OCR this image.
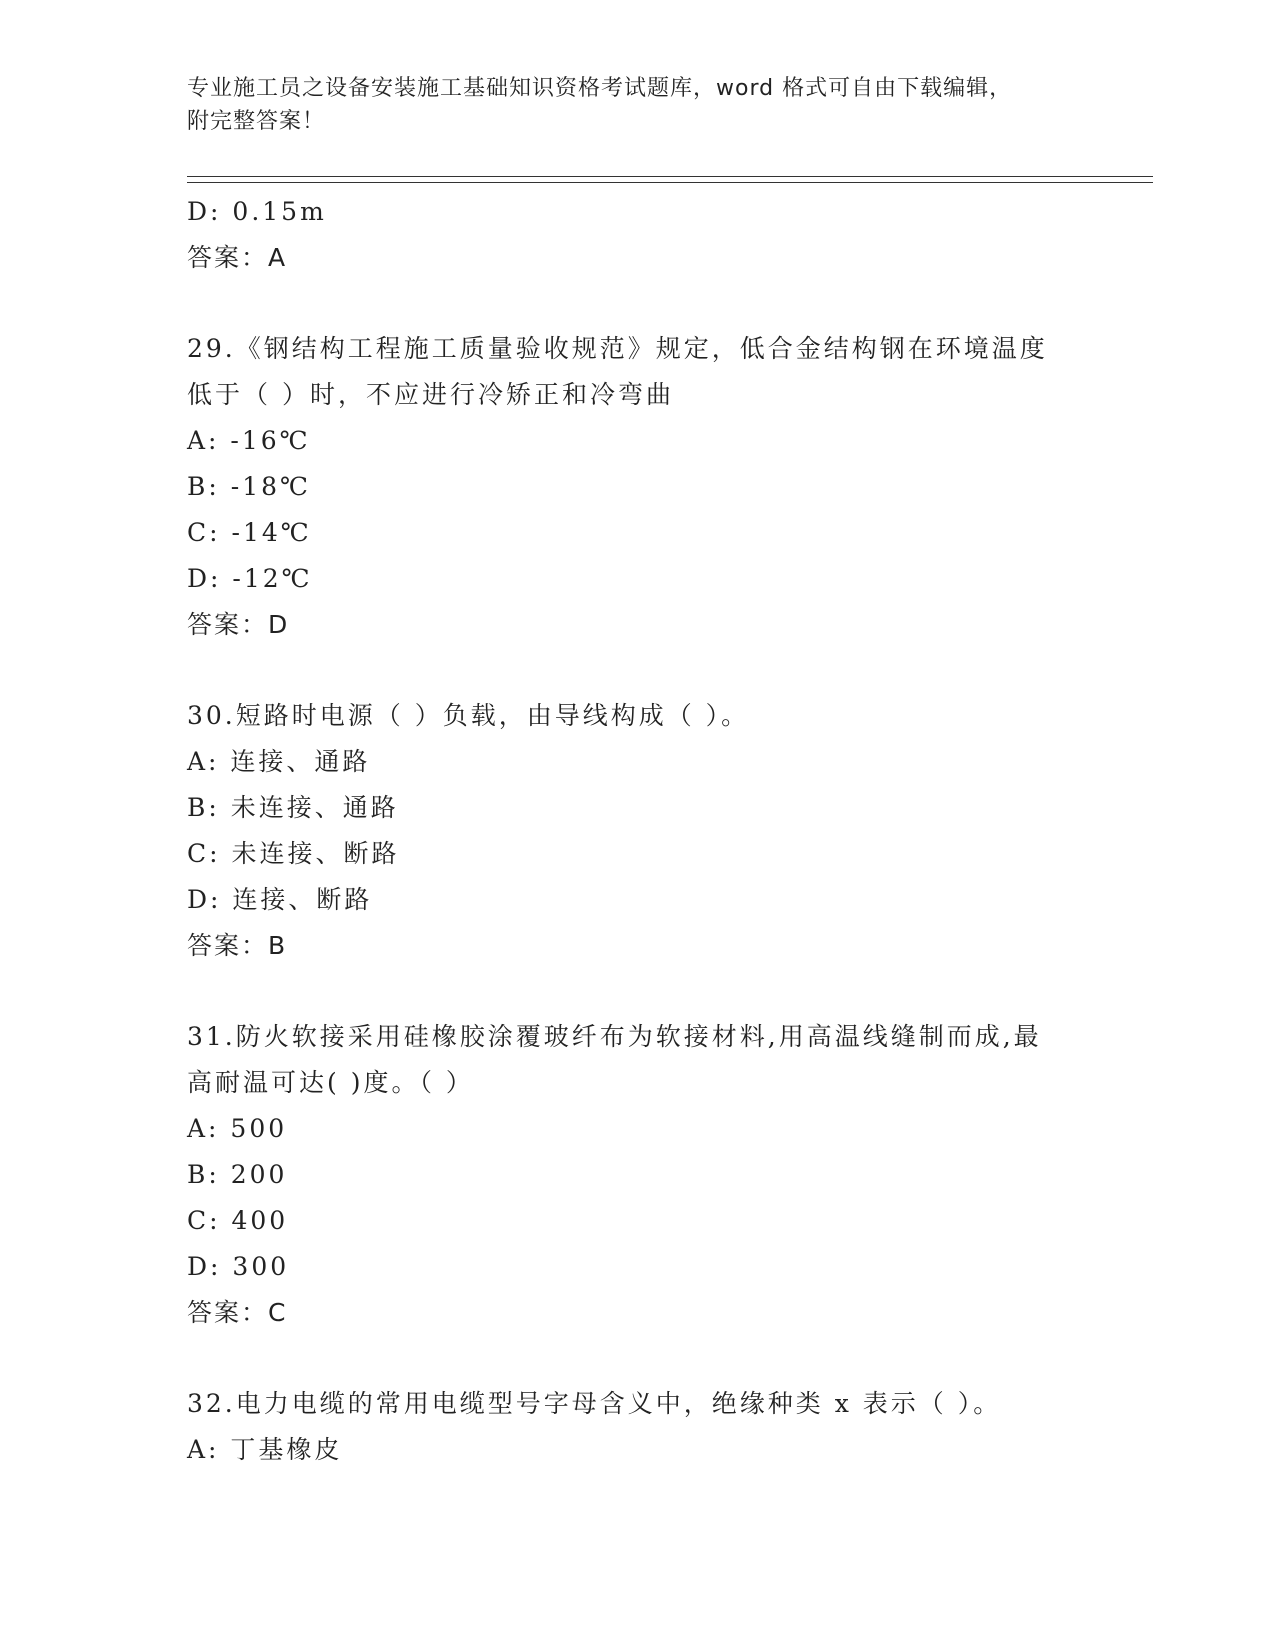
专业施工员之设备安装施工基础知识资格考试题库，word 格式可自由下载编辑，
附完整答案！
D: 0.15m
答案：A
29.《钢结构工程施工质量验收规范》规定，低合金结构钢在环境温度
低于（ ）时，不应进行冷矫正和冷弯曲
A: -16℃
B: -18℃
C: -14℃
D: -12℃
答案：D
30.短路时电源（ ）负载，由导线构成（ ）。
A: 连接、通路
B: 未连接、通路
C: 未连接、断路
D: 连接、断路
答案：B
31.防火软接采用硅橡胶涂覆玻纤布为软接材料,用高温线缝制而成,最
高耐温可达( )度。（ ）
A: 500
B: 200
C: 400
D: 300
答案：C
32.电力电缆的常用电缆型号字母含义中，绝缘种类 x 表示（ ）。
A: 丁基橡皮
